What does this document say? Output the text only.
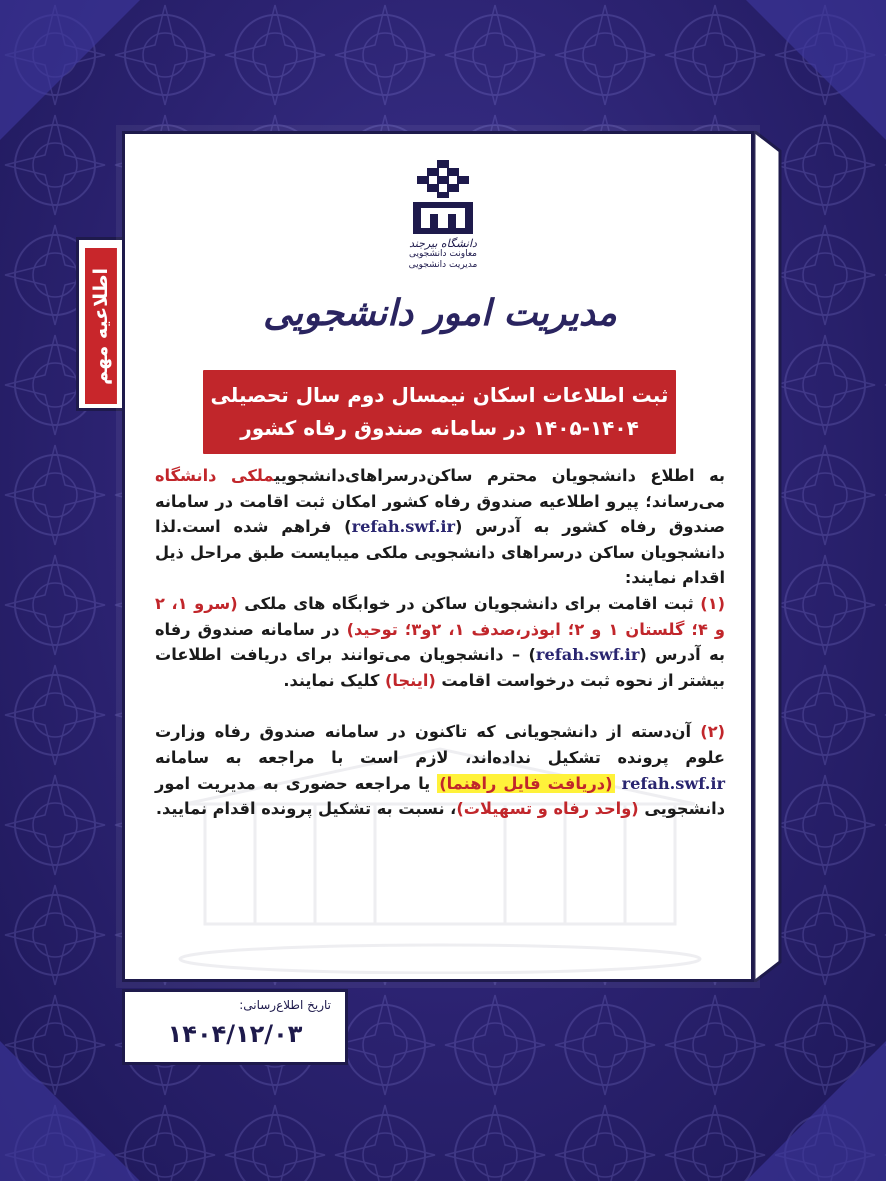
اطلاعیه مهم
دانشگاه بیرجند
معاونت دانشجویی
مدیریت دانشجویی
مدیریت امور دانشجویی
ثبت اطلاعات اسکان نیمسال دوم سال تحصیلی
۱۴۰۵-۱۴۰۴ در سامانه صندوق رفاه کشور

به اطلاع دانشجویان محترم ساکن‌درسراهای‌دانشجوییملکی دانشگاه می‌رساند؛ پیرو اطلاعیه صندوق رفاه کشور امکان ثبت اقامت در سامانه صندوق رفاه کشور به آدرس (refah.swf.ir) فراهم شده است.لذا دانشجویان ساکن درسراهای دانشجویی ملکی میبایست طبق مراحل ذیل اقدام نمایند:
(۱) ثبت اقامت برای دانشجویان ساکن در خوابگاه های ملکی (سرو ۱، ۲ و ۴؛ گلستان ۱ و ۲؛ ابوذر،صدف ۱، ۲و۳؛ توحید) در سامانه صندوق رفاه به آدرس (refah.swf.ir) – دانشجویان می‌توانند برای دریافت اطلاعات بیشتر از نحوه ثبت درخواست اقامت (اینجا) کلیک نمایند.

(۲) آن‌دسته از دانشجویانی که تاکنون در سامانه صندوق رفاه وزارت علوم پرونده تشکیل نداده‌اند، لازم است با مراجعه به سامانه refah.swf.ir (دریافت فایل راهنما) یا مراجعه حضوری به مدیریت امور دانشجویی (واحد رفاه و تسهیلات)، نسبت به تشکیل پرونده اقدام نمایید.

تاریخ اطلاع‌رسانی:
۱۴۰۴/۱۲/۰۳
